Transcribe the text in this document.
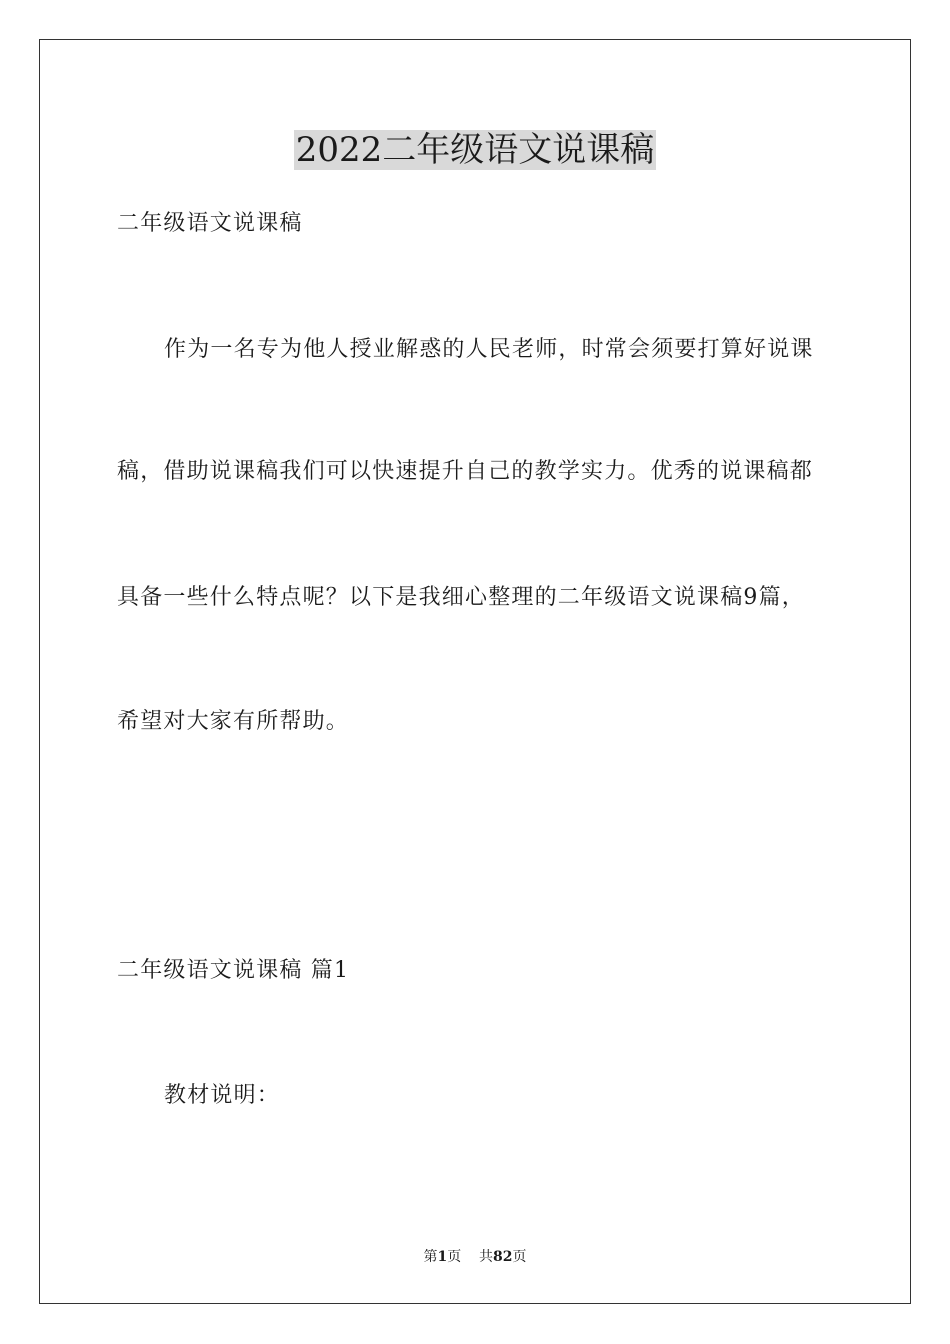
2022二年级语文说课稿
二年级语文说课稿
作为一名专为他人授业解惑的人民老师，时常会须要打算好说课
稿，借助说课稿我们可以快速提升自己的教学实力。优秀的说课稿都
具备一些什么特点呢？以下是我细心整理的二年级语文说课稿9篇，
希望对大家有所帮助。
二年级语文说课稿 篇1
教材说明：
第1页 共82页
